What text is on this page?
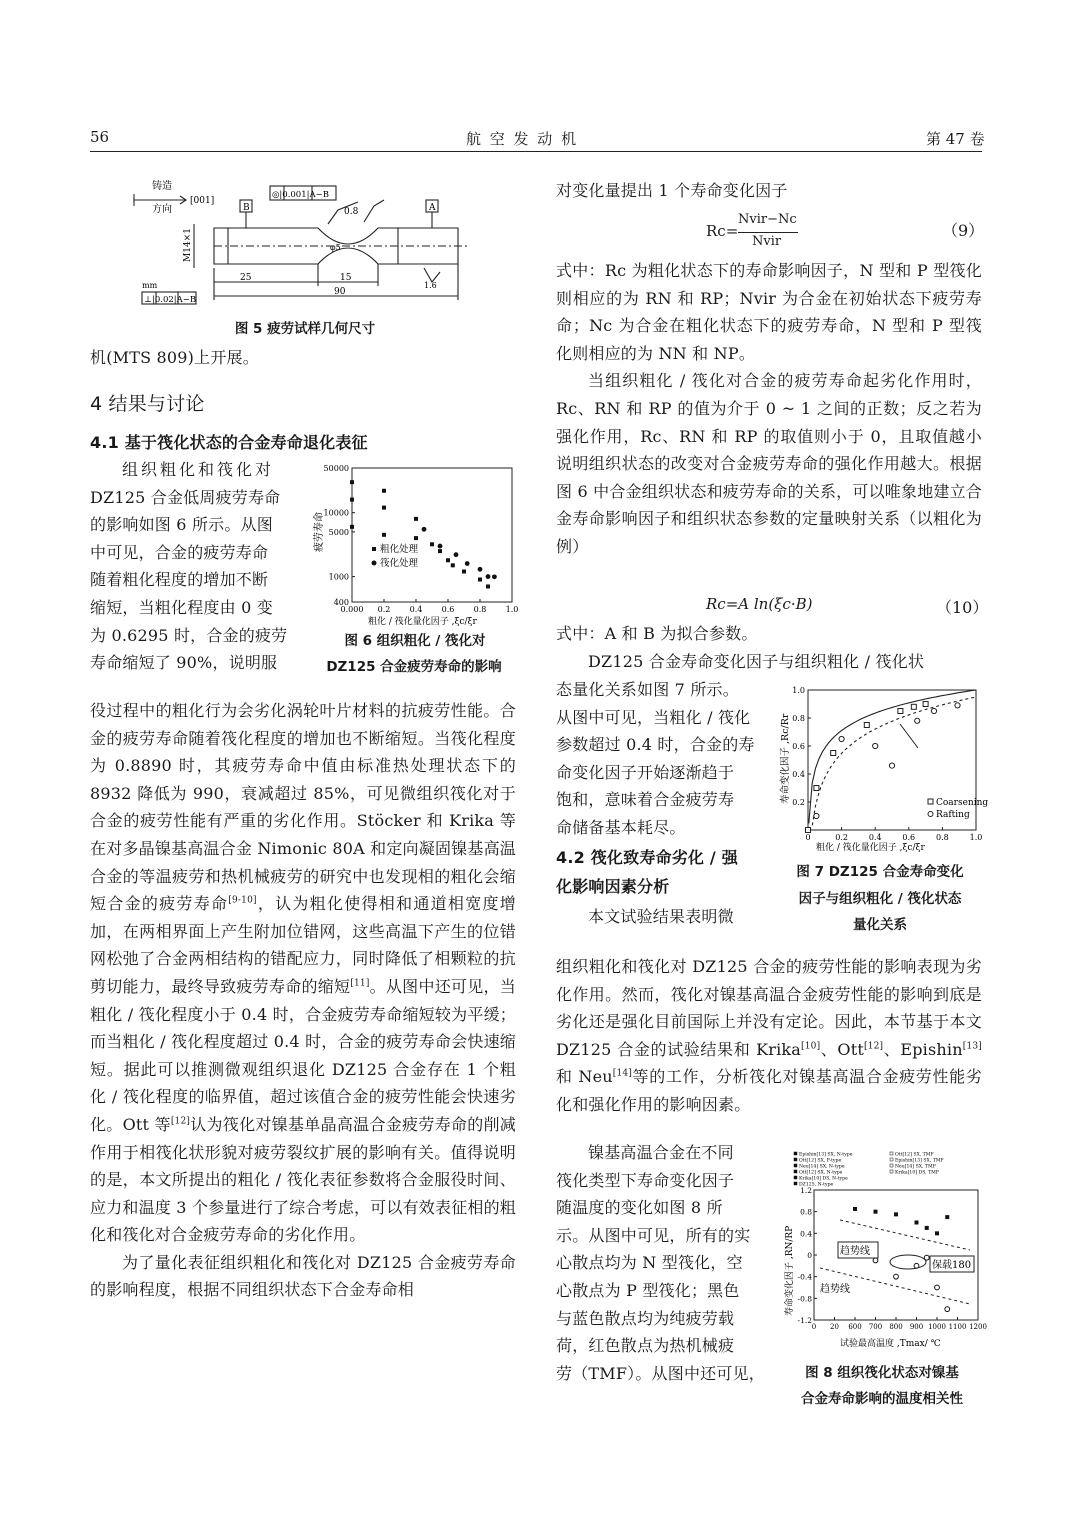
56	航 空 发 动 机	第 47 卷
铸造
方向
[001]
◎|0.001|A−B
B	A
0.8
1.6
M14×1	φ5
25	15
90
mm
⊥|0.02|A−B
图 5 疲劳试样几何尺寸

机(MTS 809)上开展。

4 结果与讨论
4.1 基于筏化状态的合金寿命退化表征

组织粗化和筏化对

DZ125 合金低周疲劳寿命

的影响如图 6 所示。从图

中可见，合金的疲劳寿命

随着粗化程度的增加不断

缩短，当粗化程度由 0 变

为 0.6295 时，合金的疲劳

寿命缩短了 90%，说明服

400
1000
5000
10000
50000
0.000 0.2 0.4 0.6 0.8 1.0
疲劳寿命
粗化 / 筏化量化因子 ,ξc/ξr
粗化处理
筏化处理
图 6 组织粗化 / 筏化对
DZ125 合金疲劳寿命的影响

役过程中的粗化行为会劣化涡轮叶片材料的抗疲劳性能。合金的疲劳寿命随着筏化程度的增加也不断缩短。当筏化程度为 0.8890 时，其疲劳寿命中值由标准热处理状态下的 8932 降低为 990，衰减超过 85%，可见微组织筏化对于合金的疲劳性能有严重的劣化作用。Stöcker 和 Krika 等在对多晶镍基高温合金 Nimonic 80A 和定向凝固镍基高温合金的等温疲劳和热机械疲劳的研究中也发现相的粗化会缩短合金的疲劳寿命[9-10]，认为粗化使得相和通道相宽度增加，在两相界面上产生附加位错网，这些高温下产生的位错网松弛了合金两相结构的错配应力，同时降低了相颗粒的抗剪切能力，最终导致疲劳寿命的缩短[11]。从图中还可见，当粗化 / 筏化程度小于 0.4 时，合金疲劳寿命缩短较为平缓；而当粗化 / 筏化程度超过 0.4 时，合金的疲劳寿命会快速缩短。据此可以推测微观组织退化 DZ125 合金存在 1 个粗化 / 筏化程度的临界值，超过该值合金的疲劳性能会快速劣化。Ott 等[12]认为筏化对镍基单晶高温合金疲劳寿命的削减作用于相筏化状形貌对疲劳裂纹扩展的影响有关。值得说明的是，本文所提出的粗化 / 筏化表征参数将合金服役时间、应力和温度 3 个参量进行了综合考虑，可以有效表征相的粗化和筏化对合金疲劳寿命的劣化作用。

为了量化表征组织粗化和筏化对 DZ125 合金疲劳寿命的影响程度，根据不同组织状态下合金寿命相

对变化量提出 1 个寿命变化因子

Rc=
Nvir−Nc
Nvir
（9）

式中：Rc 为粗化状态下的寿命影响因子，N 型和 P 型筏化则相应的为 RN 和 RP；Nvir 为合金在初始状态下疲劳寿命；Nc 为合金在粗化状态下的疲劳寿命，N 型和 P 型筏化则相应的为 NN 和 NP。

当组织粗化 / 筏化对合金的疲劳寿命起劣化作用时，Rc、RN 和 RP 的值为介于 0 ~ 1 之间的正数；反之若为强化作用，Rc、RN 和 RP 的取值则小于 0，且取值越小说明组织状态的改变对合金疲劳寿命的强化作用越大。根据图 6 中合金组织状态和疲劳寿命的关系，可以唯象地建立合金寿命影响因子和组织状态参数的定量映射关系（以粗化为例）

Rc=A ln(ξc·B)	（10）

式中：A 和 B 为拟合参数。

DZ125 合金寿命变化因子与组织粗化 / 筏化状

态量化关系如图 7 所示。

从图中可见，当粗化 / 筏化

参数超过 0.4 时，合金的寿

命变化因子开始逐渐趋于

饱和，意味着合金疲劳寿

命储备基本耗尽。

4.2 筏化致寿命劣化 / 强
化影响因素分析

本文试验结果表明微

0.2
0.4
0.6
0.8
1.0
0	0.2	0.4	0.6	0.8	1.0
寿命变化因子 ,Rc/Rr
粗化 / 筏化量化因子 ,ξc/ξr
Coarsening
Rafting
图 7 DZ125 合金寿命变化
因子与组织粗化 / 筏化状态
量化关系

组织粗化和筏化对 DZ125 合金的疲劳性能的影响表现为劣化作用。然而，筏化对镍基高温合金疲劳性能的影响到底是劣化还是强化目前国际上并没有定论。因此，本节基于本文 DZ125 合金的试验结果和 Krika[10]、Ott[12]、Epishin[13]和 Neu[14]等的工作，分析筏化对镍基高温合金疲劳性能劣化和强化作用的影响因素。

镍基高温合金在不同

筏化类型下寿命变化因子

随温度的变化如图 8 所

示。从图中可见，所有的实

心散点均为 N 型筏化，空

心散点为 P 型筏化；黑色

与蓝色散点均为纯疲劳载

荷，红色散点为热机械疲

劳（TMF）。从图中还可见，

Epishin[13] SX, N-type
Ott[12] SX, P-type
Neu[14] SX, N-type
Ott[12] SX, N-type
Krika[10] DS, N-type
DZ125, N-type
Ott[12] SX, TMF
Epishin[13] SX, TMF
Neu[14] SX, TMF
Krika[10] DS, TMF
-1.2
-0.8
-0.4
0
0.4
0.8
1.2
0 20 600 700 800 900 1000 1100 1200
趋势线
保载180
趋势线
寿命变化因子 ,RN/RP
试验最高温度 ,Tmax/ ℃
图 8 组织筏化状态对镍基
合金寿命影响的温度相关性
